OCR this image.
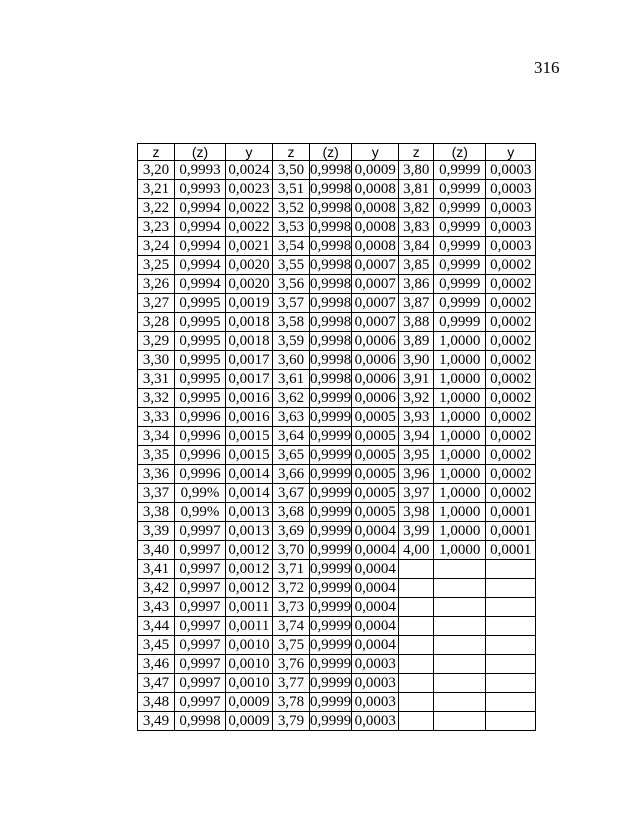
316
z	(z)	y	z	(z)	y	z	(z)	y
3,20	0,9993	0,0024	3,50	0,9998	0,0009	3,80	0,9999	0,0003
3,21	0,9993	0,0023	3,51	0,9998	0,0008	3,81	0,9999	0,0003
3,22	0,9994	0,0022	3,52	0,9998	0,0008	3,82	0,9999	0,0003
3,23	0,9994	0,0022	3,53	0,9998	0,0008	3,83	0,9999	0,0003
3,24	0,9994	0,0021	3,54	0,9998	0,0008	3,84	0,9999	0,0003
3,25	0,9994	0,0020	3,55	0,9998	0,0007	3,85	0,9999	0,0002
3,26	0,9994	0,0020	3,56	0,9998	0,0007	3,86	0,9999	0,0002
3,27	0,9995	0,0019	3,57	0,9998	0,0007	3,87	0,9999	0,0002
3,28	0,9995	0,0018	3,58	0,9998	0,0007	3,88	0,9999	0,0002
3,29	0,9995	0,0018	3,59	0,9998	0,0006	3,89	1,0000	0,0002
3,30	0,9995	0,0017	3,60	0,9998	0,0006	3,90	1,0000	0,0002
3,31	0,9995	0,0017	3,61	0,9998	0,0006	3,91	1,0000	0,0002
3,32	0,9995	0,0016	3,62	0,9999	0,0006	3,92	1,0000	0,0002
3,33	0,9996	0,0016	3,63	0,9999	0,0005	3,93	1,0000	0,0002
3,34	0,9996	0,0015	3,64	0,9999	0,0005	3,94	1,0000	0,0002
3,35	0,9996	0,0015	3,65	0,9999	0,0005	3,95	1,0000	0,0002
3,36	0,9996	0,0014	3,66	0,9999	0,0005	3,96	1,0000	0,0002
3,37	0,99%	0,0014	3,67	0,9999	0,0005	3,97	1,0000	0,0002
3,38	0,99%	0,0013	3,68	0,9999	0,0005	3,98	1,0000	0,0001
3,39	0,9997	0,0013	3,69	0,9999	0,0004	3,99	1,0000	0,0001
3,40	0,9997	0,0012	3,70	0,9999	0,0004	4,00	1,0000	0,0001
3,41	0,9997	0,0012	3,71	0,9999	0,0004			
3,42	0,9997	0,0012	3,72	0,9999	0,0004			
3,43	0,9997	0,0011	3,73	0,9999	0,0004			
3,44	0,9997	0,0011	3,74	0,9999	0,0004			
3,45	0,9997	0,0010	3,75	0,9999	0,0004			
3,46	0,9997	0,0010	3,76	0,9999	0,0003			
3,47	0,9997	0,0010	3,77	0,9999	0,0003			
3,48	0,9997	0,0009	3,78	0,9999	0,0003			
3,49	0,9998	0,0009	3,79	0,9999	0,0003			
